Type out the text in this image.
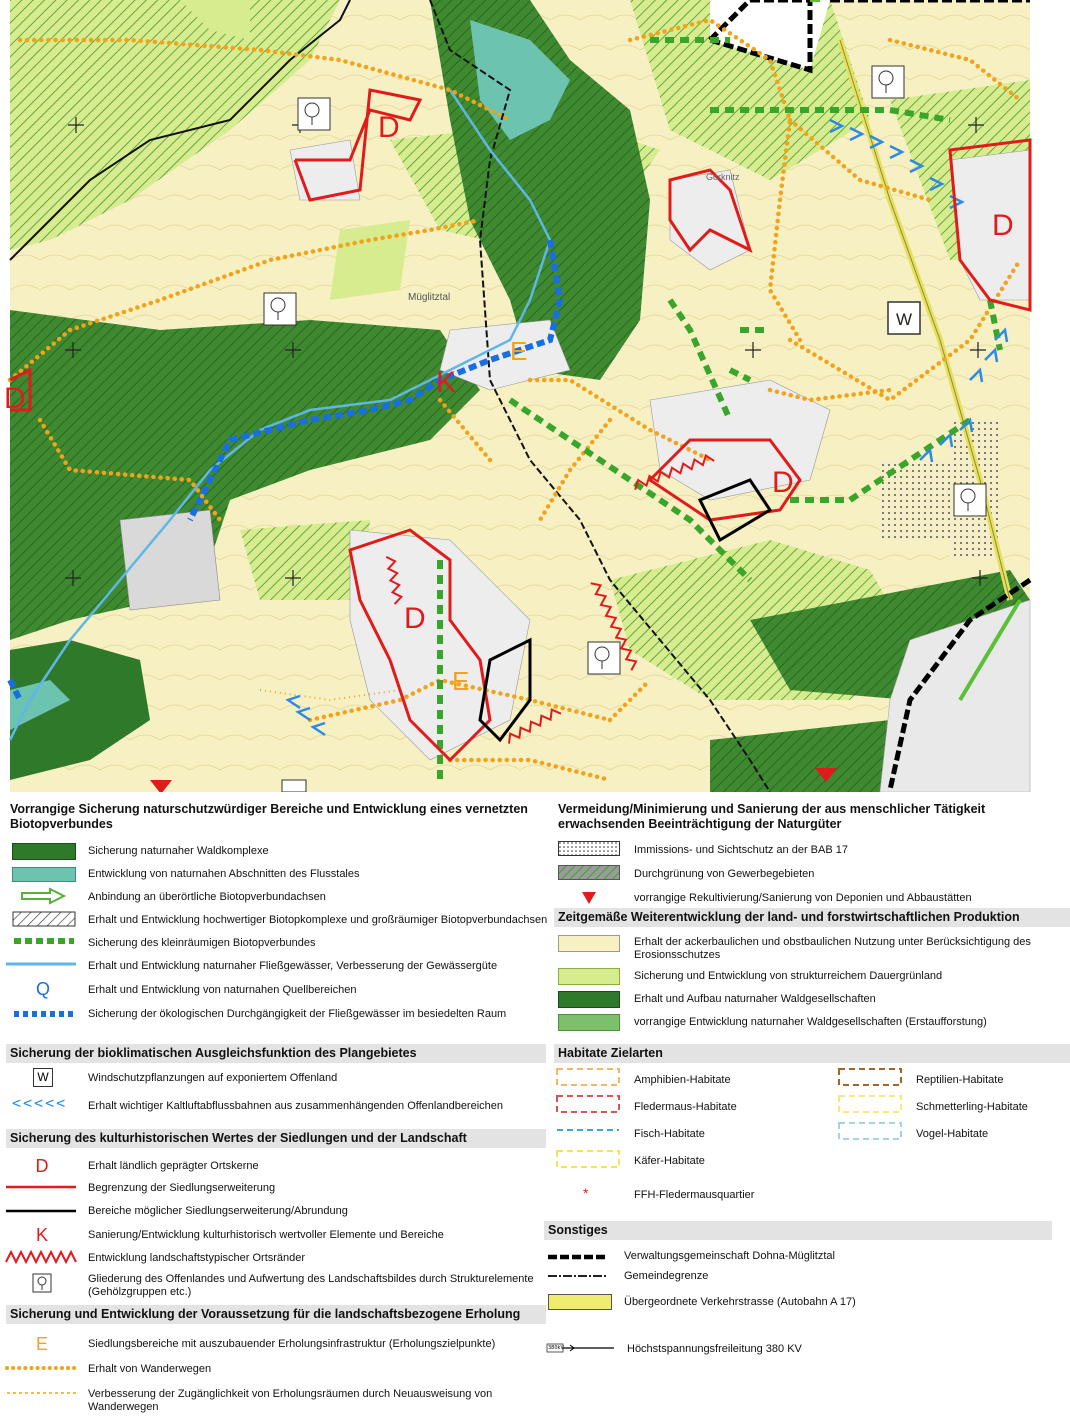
W
D
D
D
D
D	K
E
E
Müglitztal
Gorknitz
Vorrangige Sicherung naturschutzwürdiger Bereiche und Entwicklung eines vernetzten Biotopverbundes
Sicherung naturnaher Waldkomplexe
Entwicklung von naturnahen Abschnitten des Flusstales
Anbindung an überörtliche Biotopverbundachsen
Erhalt und Entwicklung hochwertiger Biotopkomplexe und großräumiger Biotopverbundachsen
Sicherung des kleinräumigen Biotopverbundes
Erhalt und Entwicklung naturnaher Fließgewässer, Verbesserung der Gewässergüte
Q	Erhalt und Entwicklung von naturnahen Quellbereichen
Sicherung der ökologischen Durchgängigkeit der Fließgewässer im besiedelten Raum
Sicherung der bioklimatischen Ausgleichsfunktion des Plangebietes
W	Windschutzpflanzungen auf exponiertem Offenland
<<<<< Erhalt wichtiger Kaltluftabflussbahnen aus zusammenhängenden Offenlandbereichen
Sicherung des kulturhistorischen Wertes der Siedlungen und der Landschaft
D	Erhalt ländlich geprägter Ortskerne
Begrenzung der Siedlungserweiterung
Bereiche möglicher Siedlungserweiterung/Abrundung
K	Sanierung/Entwicklung kulturhistorisch wertvoller Elemente und Bereiche
Entwicklung landschaftstypischer Ortsränder
Gliederung des Offenlandes und Aufwertung des Landschaftsbildes durch Strukturelemente (Gehölzgruppen etc.)
Sicherung und Entwicklung der Voraussetzung für die landschaftsbezogene Erholung
E	Siedlungsbereiche mit auszubauender Erholungsinfrastruktur (Erholungszielpunkte)
Erhalt von Wanderwegen
Verbesserung der Zugänglichkeit von Erholungsräumen durch Neuausweisung von Wanderwegen
Vermeidung/Minimierung und Sanierung der aus menschlicher Tätigkeit erwachsenden Beeinträchtigung der Naturgüter
Immissions- und Sichtschutz an der BAB 17
Durchgrünung von Gewerbegebieten
vorrangige Rekultivierung/Sanierung von Deponien und Abbaustätten
Zeitgemäße Weiterentwicklung der land- und forstwirtschaftlichen Produktion
Erhalt der ackerbaulichen und obstbaulichen Nutzung unter Berücksichtigung des Erosionsschutzes
Sicherung und Entwicklung von strukturreichem Dauergrünland
Erhalt und Aufbau naturnaher Waldgesellschaften
vorrangige Entwicklung naturnaher Waldgesellschaften (Erstaufforstung)
Habitate Zielarten
Amphibien-Habitate
Fledermaus-Habitate
Fisch-Habitate
Käfer-Habitate
Reptilien-Habitate
Schmetterling-Habitate
Vogel-Habitate
*	FFH-Fledermausquartier
Sonstiges
Verwaltungsgemeinschaft Dohna-Müglitztal
Gemeindegrenze
Übergeordnete Verkehrstrasse (Autobahn A 17)
380kV	Höchstspannungsfreileitung 380 KV
